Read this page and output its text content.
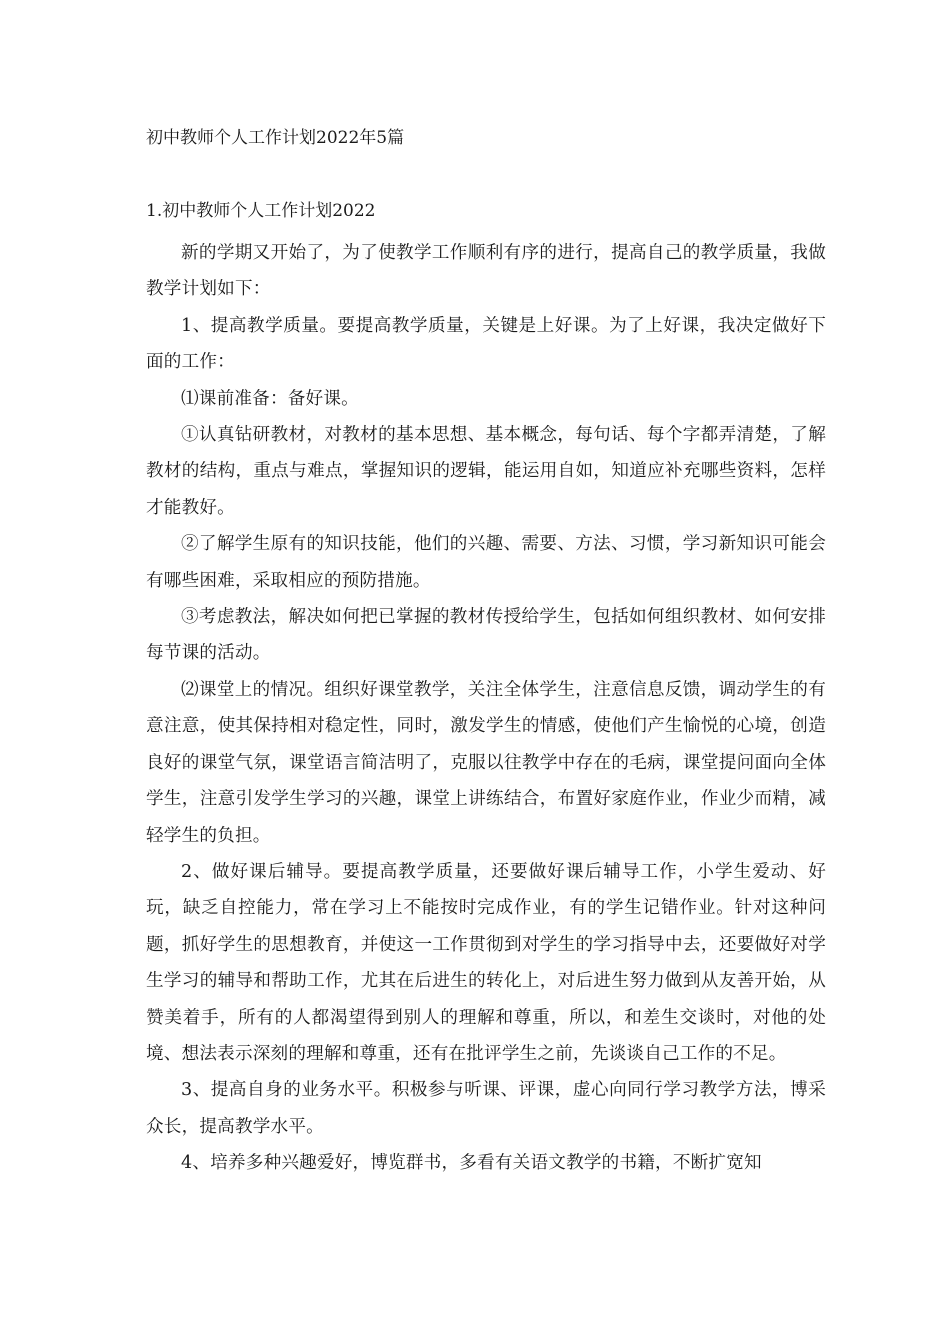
初中教师个人工作计划2022年5篇
1.初中教师个人工作计划2022

新的学期又开始了，为了使教学工作顺利有序的进行，提高自己的教学质量，我做教学计划如下：

1、提高教学质量。要提高教学质量，关键是上好课。为了上好课，我决定做好下面的工作：

⑴课前准备：备好课。

①认真钻研教材，对教材的基本思想、基本概念，每句话、每个字都弄清楚，了解教材的结构，重点与难点，掌握知识的逻辑，能运用自如，知道应补充哪些资料，怎样才能教好。

②了解学生原有的知识技能，他们的兴趣、需要、方法、习惯，学习新知识可能会有哪些困难，采取相应的预防措施。

③考虑教法，解决如何把已掌握的教材传授给学生，包括如何组织教材、如何安排每节课的活动。

⑵课堂上的情况。组织好课堂教学，关注全体学生，注意信息反馈，调动学生的有意注意，使其保持相对稳定性，同时，激发学生的情感，使他们产生愉悦的心境，创造良好的课堂气氛，课堂语言简洁明了，克服以往教学中存在的毛病，课堂提问面向全体学生，注意引发学生学习的兴趣，课堂上讲练结合，布置好家庭作业，作业少而精，减轻学生的负担。

2、做好课后辅导。要提高教学质量，还要做好课后辅导工作，小学生爱动、好玩，缺乏自控能力，常在学习上不能按时完成作业，有的学生记错作业。针对这种问题，抓好学生的思想教育，并使这一工作贯彻到对学生的学习指导中去，还要做好对学生学习的辅导和帮助工作，尤其在后进生的转化上，对后进生努力做到从友善开始，从赞美着手，所有的人都渴望得到别人的理解和尊重，所以，和差生交谈时，对他的处境、想法表示深刻的理解和尊重，还有在批评学生之前，先谈谈自己工作的不足。

3、提高自身的业务水平。积极参与听课、评课，虚心向同行学习教学方法，博采众长，提高教学水平。

4、培养多种兴趣爱好，博览群书，多看有关语文教学的书籍，不断扩宽知
